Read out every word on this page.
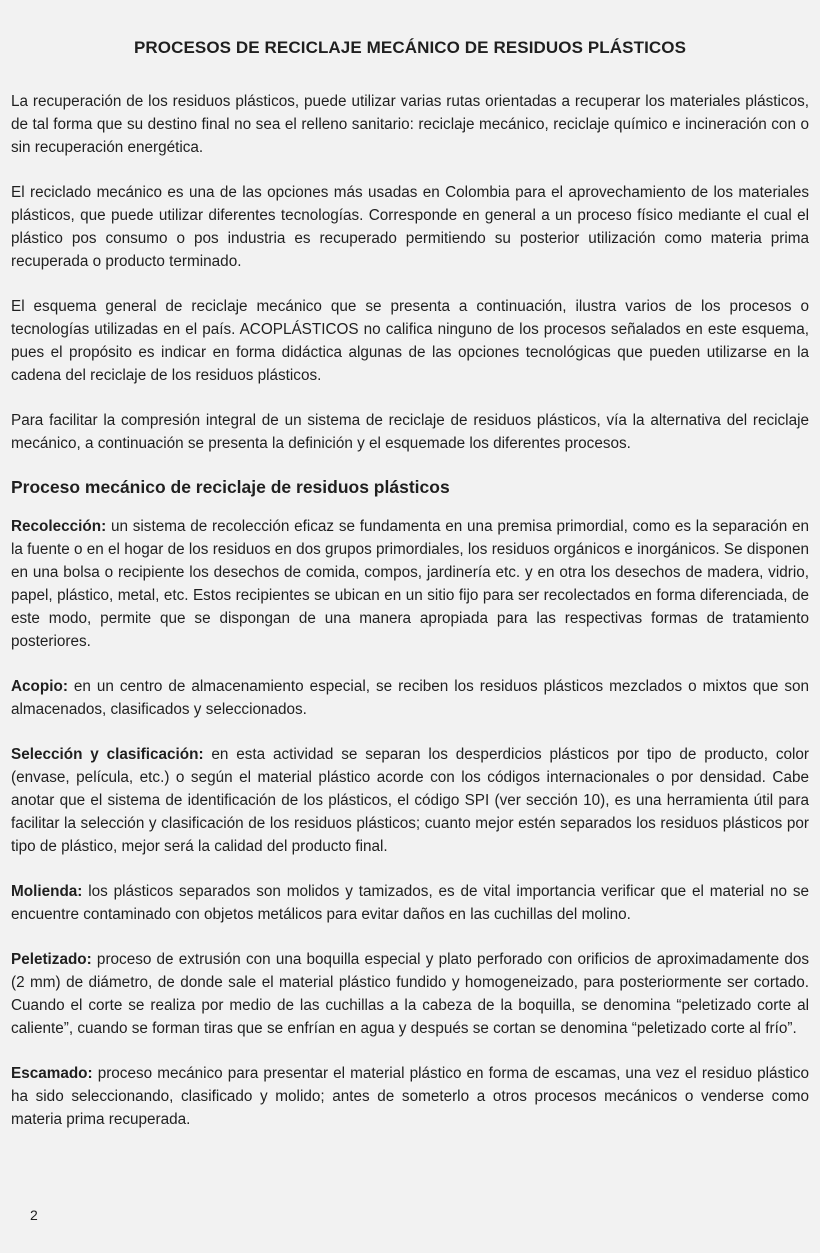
PROCESOS DE RECICLAJE MECÁNICO DE RESIDUOS PLÁSTICOS

La recuperación de los residuos plásticos, puede utilizar varias rutas orientadas a recuperar los materiales plásticos, de tal forma que su destino final no sea el relleno sanitario: reciclaje mecánico, reciclaje químico e incineración con o sin recuperación energética.

El reciclado mecánico es una de las opciones más usadas en Colombia para el aprovechamiento de los materiales plásticos, que puede utilizar diferentes tecnologías. Corresponde en general a un proceso físico mediante el cual el plástico pos consumo o pos industria es recuperado permitiendo su posterior utilización como materia prima recuperada o producto terminado.

El esquema general de reciclaje mecánico que se presenta a continuación, ilustra varios de los procesos o tecnologías utilizadas en el país. ACOPLÁSTICOS no califica ninguno de los procesos señalados en este esquema, pues el propósito es indicar en forma didáctica algunas de las opciones tecnológicas que pueden utilizarse en la cadena del reciclaje de los residuos plásticos.

Para facilitar la compresión integral de un sistema de reciclaje de residuos plásticos, vía la alternativa del reciclaje mecánico, a continuación se presenta la definición y el esquemade los diferentes procesos.

Proceso mecánico de reciclaje de residuos plásticos

Recolección: un sistema de recolección eficaz se fundamenta en una premisa primordial, como es la separación en la fuente o en el hogar de los residuos en dos grupos primordiales, los residuos orgánicos e inorgánicos. Se disponen en una bolsa o recipiente los desechos de comida, compos, jardinería etc. y en otra los desechos de madera, vidrio, papel, plástico, metal, etc. Estos recipientes se ubican en un sitio fijo para ser recolectados en forma diferenciada, de este modo, permite que se dispongan de una manera apropiada para las respectivas formas de tratamiento posteriores.

Acopio: en un centro de almacenamiento especial, se reciben los residuos plásticos mezclados o mixtos que son almacenados, clasificados y seleccionados.

Selección y clasificación: en esta actividad se separan los desperdicios plásticos por tipo de producto, color (envase, película, etc.) o según el material plástico acorde con los códigos internacionales o por densidad. Cabe anotar que el sistema de identificación de los plásticos, el código SPI (ver sección 10), es una herramienta útil para facilitar la selección y clasificación de los residuos plásticos; cuanto mejor estén separados los residuos plásticos por tipo de plástico, mejor será la calidad del producto final.

Molienda: los plásticos separados son molidos y tamizados, es de vital importancia verificar que el material no se encuentre contaminado con objetos metálicos para evitar daños en las cuchillas del molino.

Peletizado: proceso de extrusión con una boquilla especial y plato perforado con orificios de aproximadamente dos (2 mm) de diámetro, de donde sale el material plástico fundido y homogeneizado, para posteriormente ser cortado. Cuando el corte se realiza por medio de las cuchillas a la cabeza de la boquilla, se denomina “peletizado corte al caliente”, cuando se forman tiras que se enfrían en agua y después se cortan se denomina “peletizado corte al frío”.

Escamado: proceso mecánico para presentar el material plástico en forma de escamas, una vez el residuo plástico ha sido seleccionando, clasificado y molido; antes de someterlo a otros procesos mecánicos o venderse como materia prima recuperada.

2
